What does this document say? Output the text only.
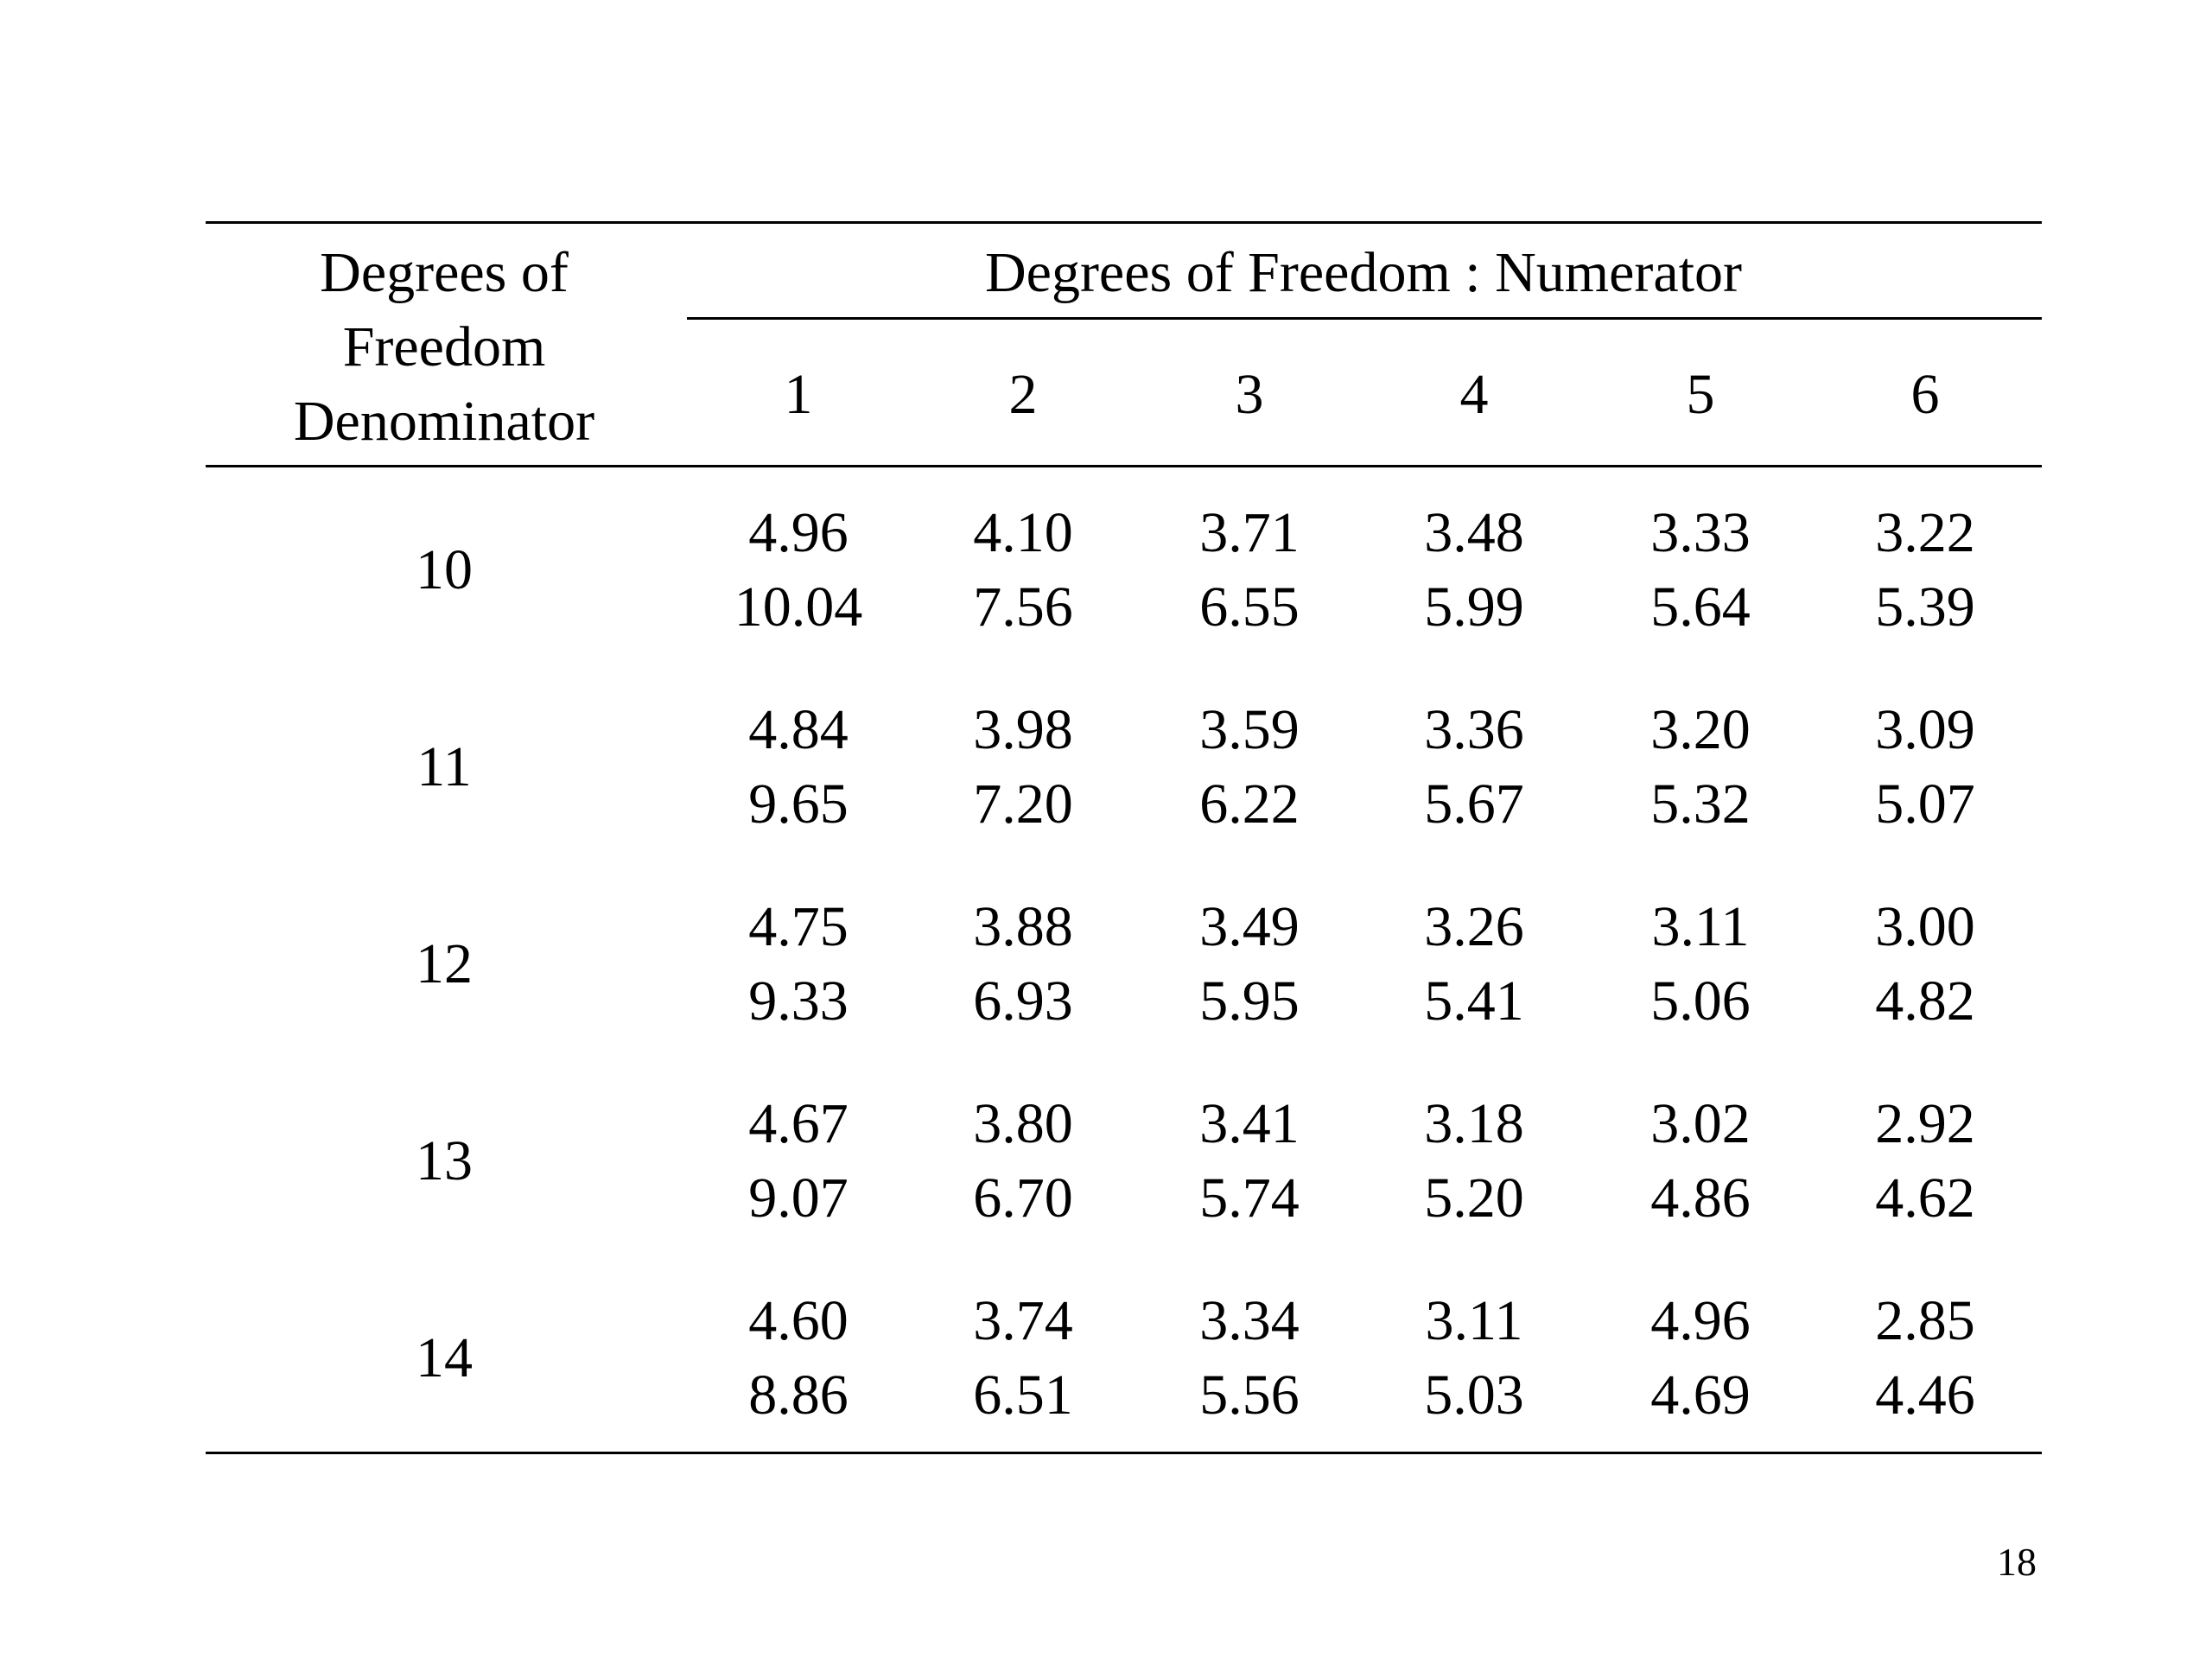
Degrees of
Freedom
Denominator
Degrees of Freedom : Numerator
1	2	3	4	5	6
10
4.96 4.10 3.71 3.48 3.33 3.22
10.04 7.56 6.55 5.99 5.64 5.39
11
4.84 3.98 3.59 3.36 3.20 3.09
9.65 7.20 6.22 5.67 5.32 5.07
12
4.75 3.88 3.49 3.26 3.11 3.00
9.33 6.93 5.95 5.41 5.06 4.82
13
4.67 3.80 3.41 3.18 3.02 2.92
9.07 6.70 5.74 5.20 4.86 4.62
14
4.60 3.74 3.34 3.11 4.96 2.85
8.86 6.51 5.56 5.03 4.69 4.46
18
